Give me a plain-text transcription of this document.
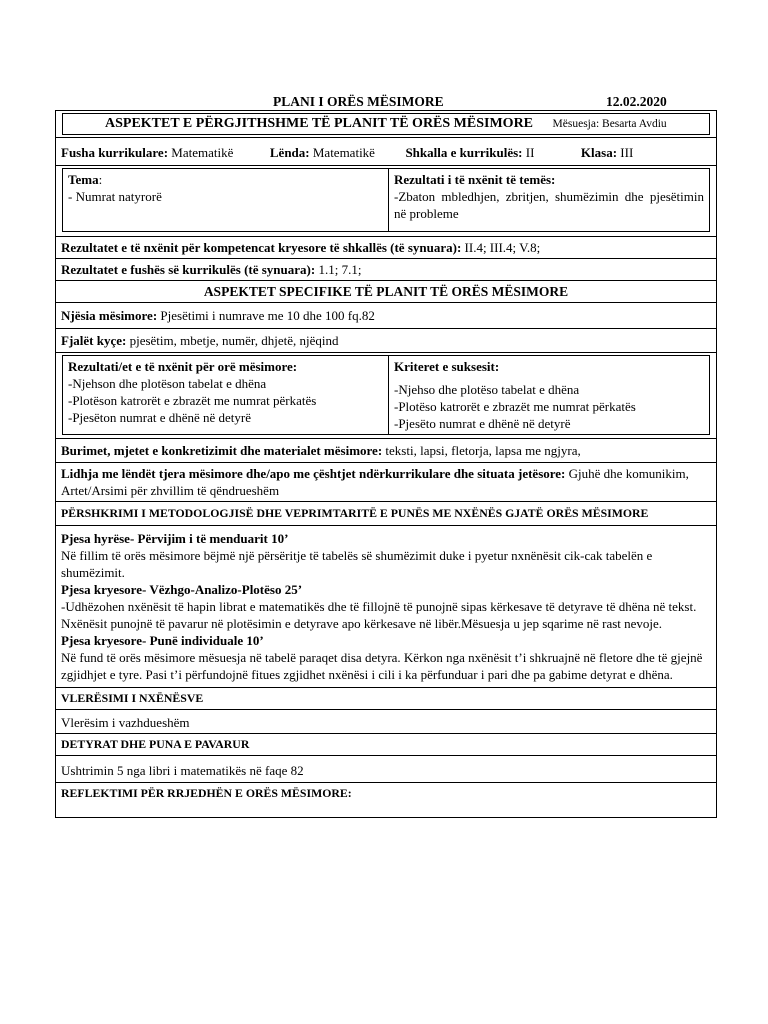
PLANI I ORËS MËSIMORE	12.02.2020
ASPEKTET E PËRGJITHSHME TË PLANIT TË ORËS MËSIMORE Mësuesja: Besarta Avdiu

Fusha kurrikulare: Matematikë	Lënda: Matematikë Shkalla e kurrikulës: II	Klasa: III

Tema:
- Numrat natyrorë	Rezultati i të nxënit të temës:
-Zbaton mbledhjen, zbritjen, shumëzimin dhe pjesëtimin në probleme

Rezultatet e të nxënit për kompetencat kryesore të shkallës (të synuara): II.4; III.4; V.8;
Rezultatet e fushës së kurrikulës (të synuara): 1.1; 7.1;
ASPEKTET SPECIFIKE TË PLANIT TË ORËS MËSIMORE
Njësia mësimore: Pjesëtimi i numrave me 10 dhe 100 fq.82
Fjalët kyçe: pjesëtim, mbetje, numër, dhjetë, njëqind

Rezultati/et e të nxënit për orë mësimore:
-Njehson dhe plotëson tabelat e dhëna
-Plotëson katrorët e zbrazët me numrat përkatës
-Pjesëton numrat e dhënë në detyrë

Kriteret e suksesit:
-Njehso dhe plotëso tabelat e dhëna
-Plotëso katrorët e zbrazët me numrat përkatës
-Pjesëto numrat e dhënë në detyrë

Burimet, mjetet e konkretizimit dhe materialet mësimore: teksti, lapsi, fletorja, lapsa me ngjyra,
Lidhja me lëndët tjera mësimore dhe/apo me çështjet ndërkurrikulare dhe situata jetësore: Gjuhë dhe komunikim, Artet/Arsimi për zhvillim të qëndrueshëm
PËRSHKRIMI I METODOLOGJISË DHE VEPRIMTARITË E PUNËS ME NXËNËS GJATË ORËS MËSIMORE

Pjesa hyrëse- Përvijim i të menduarit 10’
Në fillim të orës mësimore bëjmë një përsëritje të tabelës së shumëzimit duke i pyetur nxnënësit cik-cak tabelën e shumëzimit.
Pjesa kryesore- Vëzhgo-Analizo-Plotëso 25’
-Udhëzohen nxënësit të hapin librat e matematikës dhe të fillojnë të punojnë sipas kërkesave të detyrave të dhëna në tekst. Nxënësit punojnë të pavarur në plotësimin e detyrave apo kërkesave në libër.Mësuesja u jep sqarime në rast nevoje.
Pjesa kryesore- Punë individuale 10’
Në fund të orës mësimore mësuesja në tabelë paraqet disa detyra. Kërkon nga nxënësit t’i shkruajnë në fletore dhe të gjejnë zgjidhjet e tyre. Pasi t’i përfundojnë fitues zgjidhet nxënësi i cili i ka përfunduar i pari dhe pa gabime detyrat e dhëna.

VLERËSIMI I NXËNËSVE
Vlerësim i vazhdueshëm
DETYRAT DHE PUNA E PAVARUR
Ushtrimin 5 nga libri i matematikës në faqe 82
REFLEKTIMI PËR RRJEDHËN E ORËS MËSIMORE:
